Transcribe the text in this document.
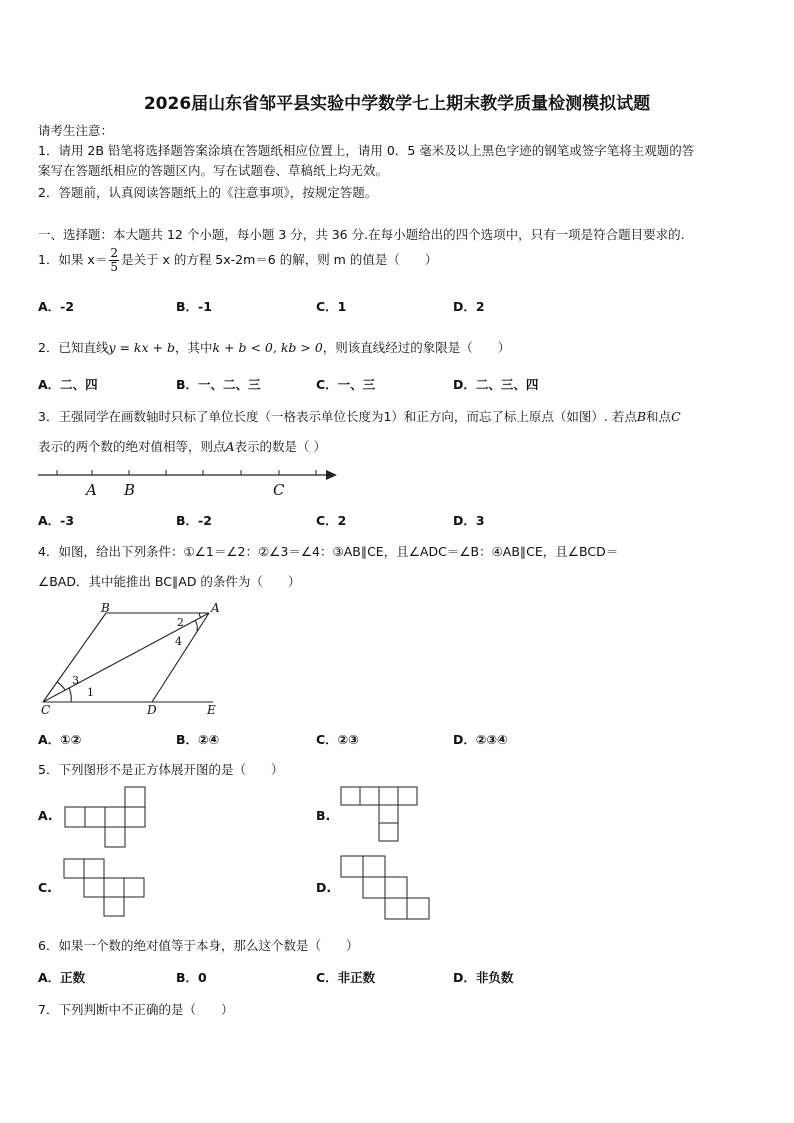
2026届山东省邹平县实验中学数学七上期末教学质量检测模拟试题
请考生注意：
1．请用 2B 铅笔将选择题答案涂填在答题纸相应位置上，请用 0．5 毫米及以上黑色字迹的钢笔或签字笔将主观题的答
案写在答题纸相应的答题区内。写在试题卷、草稿纸上均无效。
2．答题前，认真阅读答题纸上的《注意事项》，按规定答题。
一、选择题：本大题共 12 个小题，每小题 3 分，共 36 分.在每小题给出的四个选项中，只有一项是符合题目要求的.
1．如果 $x= \frac{2}{5}$ 是关于 x 的方程 5x-2m＝6 的解，则 m 的值是（　　）
A．-2	B．-1	C．1	D．2
2．已知直线y = kx + b，其中k + b < 0, kb > 0，则该直线经过的象限是（　　）
A．二、四	B．一、二、三	C．一、三	D．二、三、四
3．王强同学在画数轴时只标了单位长度（一格表示单位长度为1）和正方向，而忘了标上原点（如图）. 若点B和点C
表示的两个数的绝对值相等，则点A表示的数是（ ）
A B	C
A．-3	B．-2	C．2	D．3
4．如图，给出下列条件：①∠1＝∠2：②∠3＝∠4：③AB∥CE，且∠ADC＝∠B：④AB∥CE，且∠BCD＝
∠BAD．其中能推出 BC∥AD 的条件为（　　）
B	A
C	D	E
1
2
3
4
A．①②	B．②④	C．②③	D．②③④
5．下列图形不是正方体展开图的是（　　）
A.	B.
C.	D.
6．如果一个数的绝对值等于本身，那么这个数是（　　）
A．正数	B．0	C．非正数	D．非负数
7．下列判断中不正确的是（　　）
